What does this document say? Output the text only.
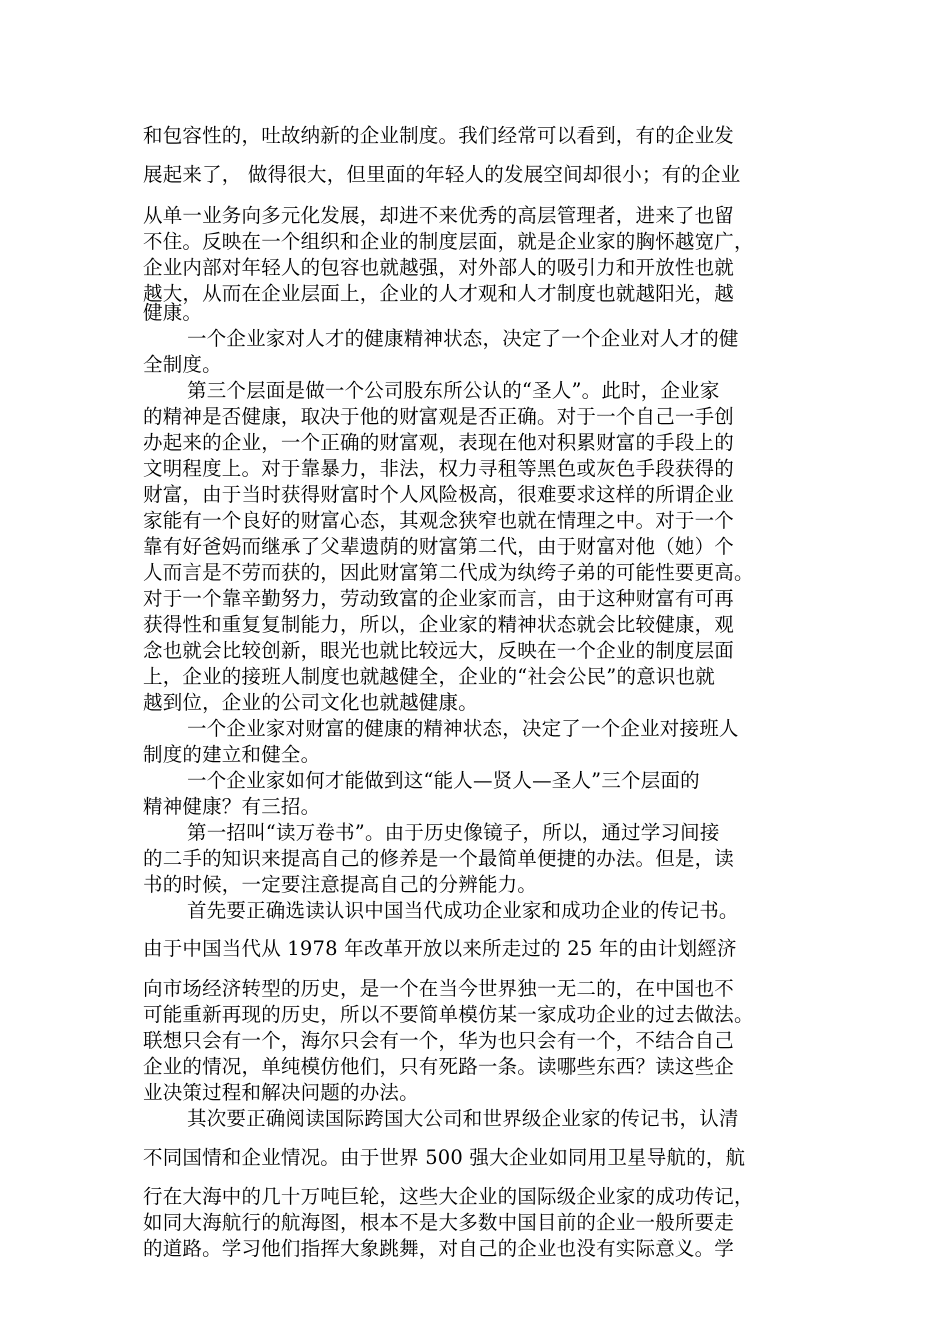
和包容性的，吐故纳新的企业制度。我们经常可以看到，有的企业发
展起来了， 做得很大，但里面的年轻人的发展空间却很小；有的企业
从单一业务向多元化发展，却进不来优秀的高层管理者，进来了也留
不住。反映在一个组织和企业的制度层面，就是企业家的胸怀越宽广，
企业内部对年轻人的包容也就越强，对外部人的吸引力和开放性也就
越大，从而在企业层面上，企业的人才观和人才制度也就越阳光，越
健康。
一个企业家对人才的健康精神状态，决定了一个企业对人才的健
全制度。
第三个层面是做一个公司股东所公认的“圣人”。此时，企业家
的精神是否健康，取决于他的财富观是否正确。对于一个自己一手创
办起来的企业，一个正确的财富观，表现在他对积累财富的手段上的
文明程度上。对于靠暴力，非法，权力寻租等黑色或灰色手段获得的
财富，由于当时获得财富时个人风险极高，很难要求这样的所谓企业
家能有一个良好的财富心态，其观念狭窄也就在情理之中。对于一个
靠有好爸妈而继承了父辈遗荫的财富第二代，由于财富对他（她）个
人而言是不劳而获的，因此财富第二代成为纨绔子弟的可能性要更高。
对于一个靠辛勤努力，劳动致富的企业家而言，由于这种财富有可再
获得性和重复复制能力，所以，企业家的精神状态就会比较健康，观
念也就会比较创新，眼光也就比较远大，反映在一个企业的制度层面
上，企业的接班人制度也就越健全，企业的“社会公民”的意识也就
越到位，企业的公司文化也就越健康。
一个企业家对财富的健康的精神状态，决定了一个企业对接班人
制度的建立和健全。
一个企业家如何才能做到这“能人—贤人—圣人”三个层面的
精神健康？有三招。
第一招叫“读万卷书”。由于历史像镜子，所以，通过学习间接
的二手的知识来提高自己的修养是一个最简单便捷的办法。但是，读
书的时候，一定要注意提高自己的分辨能力。
首先要正确选读认识中国当代成功企业家和成功企业的传记书。
由于中国当代从 1978 年改革开放以来所走过的 25 年的由计划經济
向市场经济转型的历史，是一个在当今世界独一无二的，在中国也不
可能重新再现的历史，所以不要简单模仿某一家成功企业的过去做法。
联想只会有一个，海尔只会有一个，华为也只会有一个，不结合自己
企业的情况，单纯模仿他们，只有死路一条。读哪些东西？读这些企
业决策过程和解决问题的办法。
其次要正确阅读国际跨国大公司和世界级企业家的传记书，认清
不同国情和企业情况。由于世界 500 强大企业如同用卫星导航的，航
行在大海中的几十万吨巨轮，这些大企业的国际级企业家的成功传记，
如同大海航行的航海图，根本不是大多数中国目前的企业一般所要走
的道路。学习他们指挥大象跳舞，对自己的企业也没有实际意义。学
